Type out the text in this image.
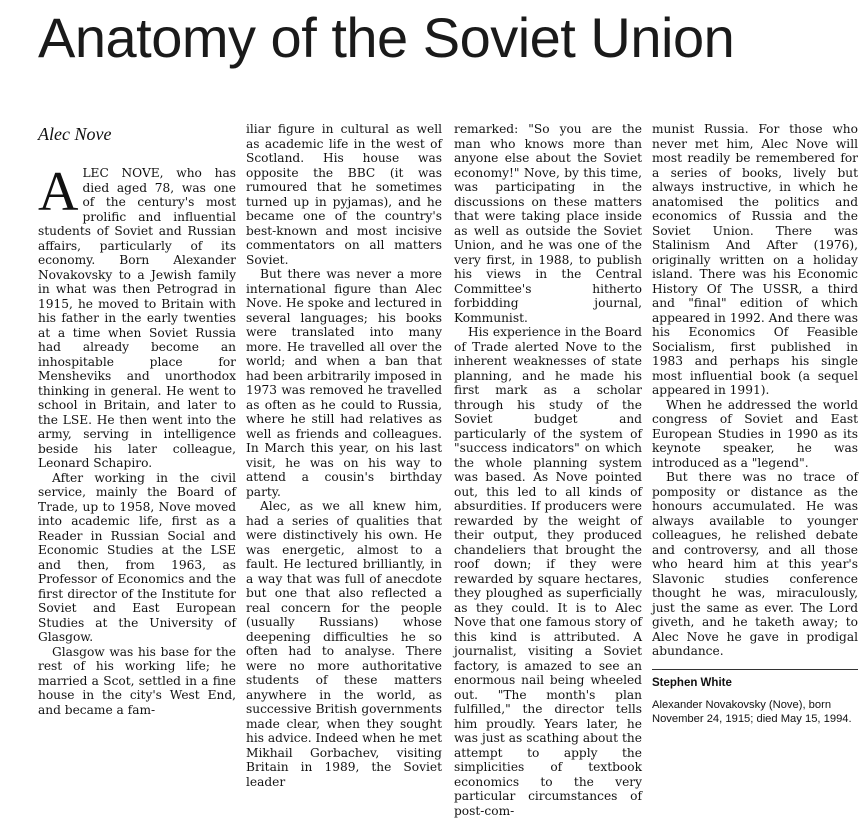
Anatomy of the Soviet Union
Alec Nove

ALEC NOVE, who has died aged 78, was one of the century's most prolific and influential students of Soviet and Russian affairs, particularly of its economy. Born Alexander Novakovsky to a Jewish family in what was then Petrograd in 1915, he moved to Britain with his father in the early twenties at a time when Soviet Russia had already become an inhospitable place for Mensheviks and unorthodox thinking in general. He went to school in Britain, and later to the LSE. He then went into the army, serving in intelligence beside his later colleague, Leonard Schapiro.

After working in the civil service, mainly the Board of Trade, up to 1958, Nove moved into academic life, first as a Reader in Russian Social and Economic Studies at the LSE and then, from 1963, as Professor of Economics and the first director of the Institute for Soviet and East European Studies at the University of Glasgow.

Glasgow was his base for the rest of his working life; he married a Scot, settled in a fine house in the city's West End, and became a fam-

iliar figure in cultural as well as academic life in the west of Scotland. His house was opposite the BBC (it was rumoured that he sometimes turned up in pyjamas), and he became one of the country's best-known and most incisive commentators on all matters Soviet.

But there was never a more international figure than Alec Nove. He spoke and lectured in several languages; his books were translated into many more. He travelled all over the world; and when a ban that had been arbitrarily imposed in 1973 was removed he travelled as often as he could to Russia, where he still had relatives as well as friends and colleagues. In March this year, on his last visit, he was on his way to attend a cousin's birthday party.

Alec, as we all knew him, had a series of qualities that were distinctively his own. He was energetic, almost to a fault. He lectured brilliantly, in a way that was full of anecdote but one that also reflected a real concern for the people (usually Russians) whose deepening difficulties he so often had to analyse. There were no more authoritative students of these matters anywhere in the world, as successive British governments made clear, when they sought his advice. Indeed when he met Mikhail Gorbachev, visiting Britain in 1989, the Soviet leader

remarked: "So you are the man who knows more than anyone else about the Soviet economy!" Nove, by this time, was participating in the discussions on these matters that were taking place inside as well as outside the Soviet Union, and he was one of the very first, in 1988, to publish his views in the Central Committee's hitherto forbidding journal, Kommunist.

His experience in the Board of Trade alerted Nove to the inherent weaknesses of state planning, and he made his first mark as a scholar through his study of the Soviet budget and particularly of the system of "success indicators" on which the whole planning system was based. As Nove pointed out, this led to all kinds of absurdities. If producers were rewarded by the weight of their output, they produced chandeliers that brought the roof down; if they were rewarded by square hectares, they ploughed as superficially as they could. It is to Alec Nove that one famous story of this kind is attributed. A journalist, visiting a Soviet factory, is amazed to see an enormous nail being wheeled out. "The month's plan fulfilled," the director tells him proudly. Years later, he was just as scathing about the attempt to apply the simplicities of textbook economics to the very particular circumstances of post-com-

munist Russia. For those who never met him, Alec Nove will most readily be remembered for a series of books, lively but always instructive, in which he anatomised the politics and economics of Russia and the Soviet Union. There was Stalinism And After (1976), originally written on a holiday island. There was his Economic History Of The USSR, a third and "final" edition of which appeared in 1992. And there was his Economics Of Feasible Socialism, first published in 1983 and perhaps his single most influential book (a sequel appeared in 1991).

When he addressed the world congress of Soviet and East European Studies in 1990 as its keynote speaker, he was introduced as a "legend".

But there was no trace of pomposity or distance as the honours accumulated. He was always available to younger colleagues, he relished debate and controversy, and all those who heard him at this year's Slavonic studies conference thought he was, miraculously, just the same as ever. The Lord giveth, and he taketh away; to Alec Nove he gave in prodigal abundance.

Stephen White
Alexander Novakovsky (Nove), born November 24, 1915; died May 15, 1994.
